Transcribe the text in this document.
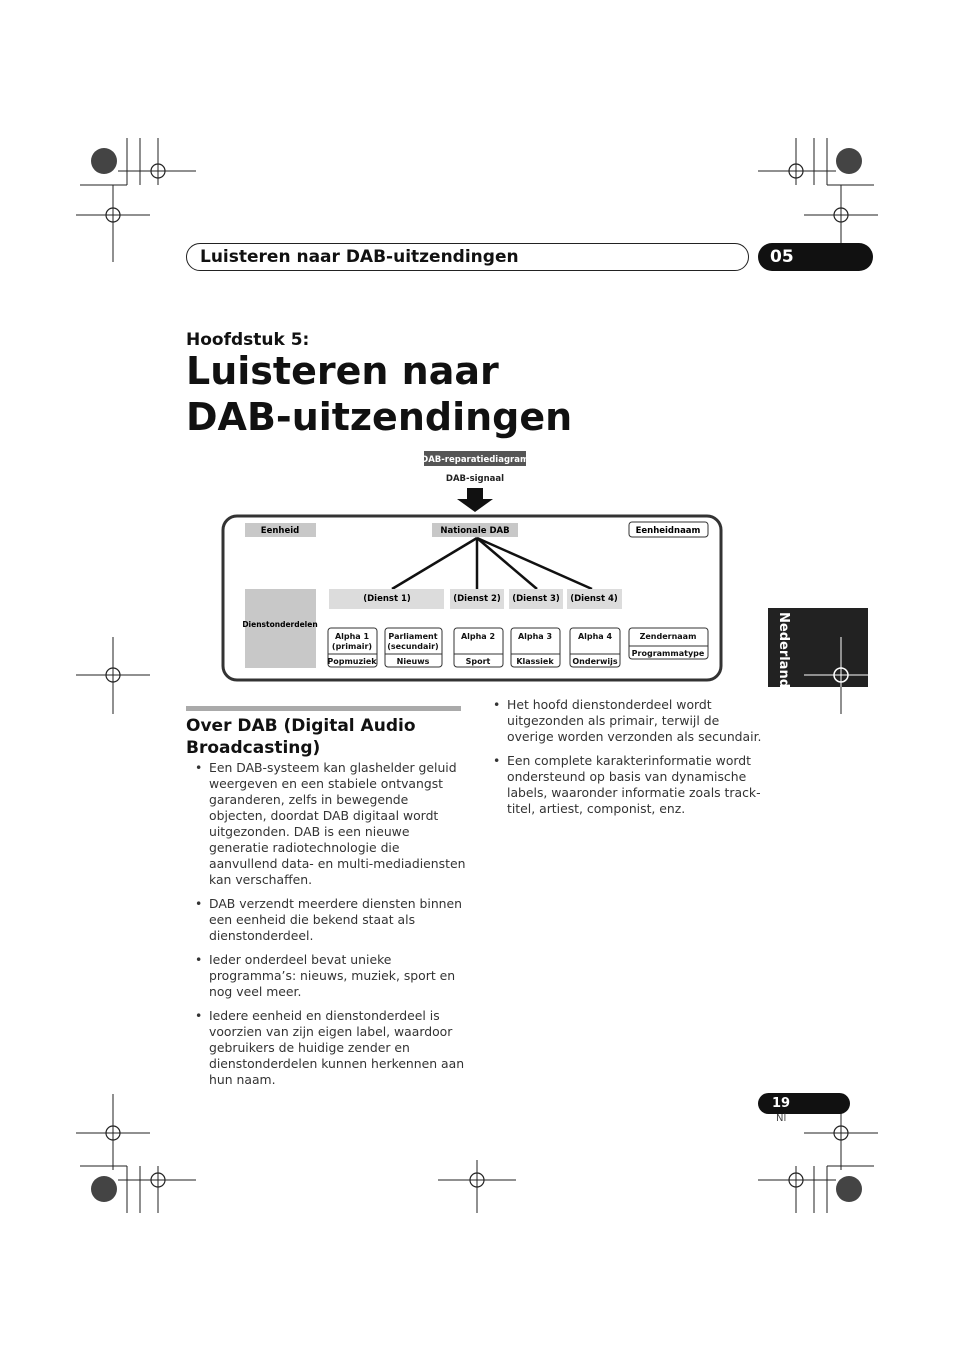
Luisteren naar DAB-uitzendingen	05
Hoofdstuk 5:
Luisteren naar
DAB-uitzendingen
DAB-reparatiediagram
DAB-signaal
Eenheid	Nationale DAB	Eenheidnaam
Dienstonderdelen
(Dienst 1)	(Dienst 2) (Dienst 3) (Dienst 4)
Alpha 1
(primair)
Popmuziek
Parliament
(secundair)
Nieuws
Alpha 2
Sport
Alpha 3
Klassiek
Alpha 4
Onderwijs
Zendernaam
Programmatype	Nederlands
Over DAB (Digital Audio Broadcasting)
• Een DAB-systeem kan glashelder geluid weergeven en een stabiele ontvangst garanderen, zelfs in bewegende objecten, doordat DAB digitaal wordt uitgezonden. DAB is een nieuwe generatie radiotechnologie die aanvullend data- en multi-mediadiensten kan verschaffen.
• DAB verzendt meerdere diensten binnen een eenheid die bekend staat als dienstonderdeel.
• Ieder onderdeel bevat unieke programma’s: nieuws, muziek, sport en nog veel meer.
• Iedere eenheid en dienstonderdeel is voorzien van zijn eigen label, waardoor gebruikers de huidige zender en dienstonderdelen kunnen herkennen aan hun naam.
• Het hoofd dienstonderdeel wordt uitgezonden als primair, terwijl de overige worden verzonden als secundair.
• Een complete karakterinformatie wordt ondersteund op basis van dynamische labels, waaronder informatie zoals track-titel, artiest, componist, enz.
19
Nl
